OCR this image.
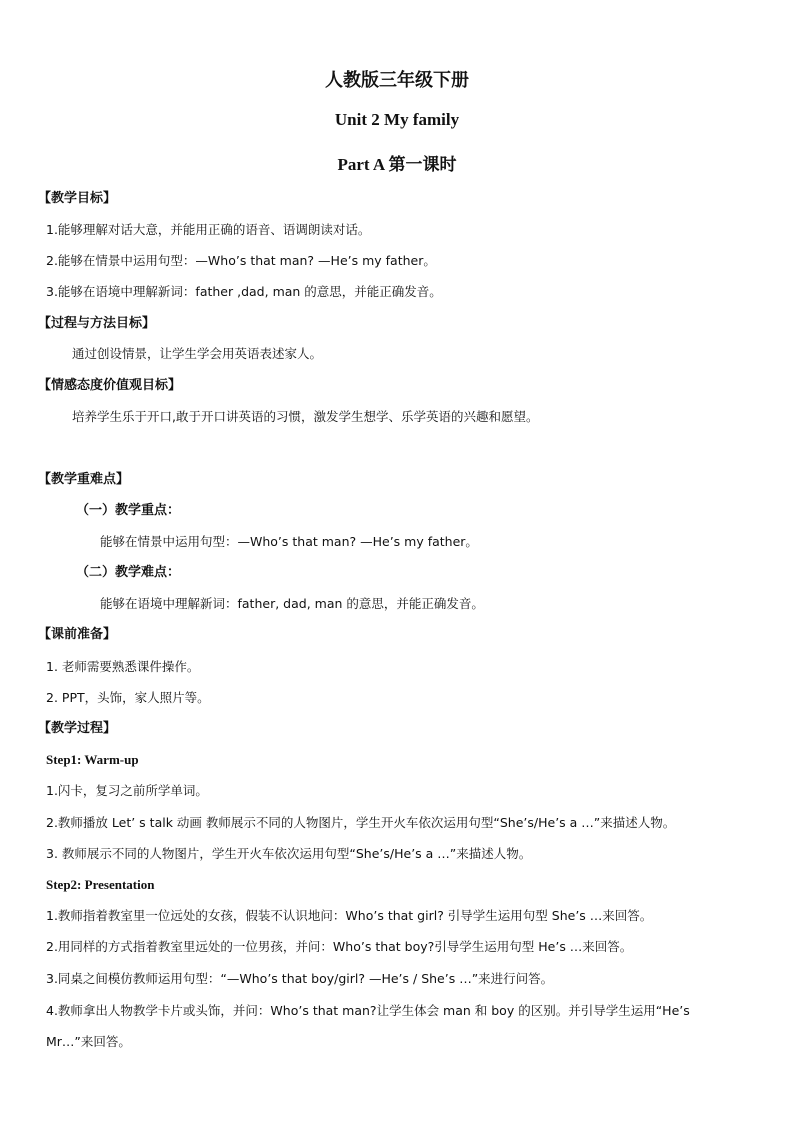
人教版三年级下册
Unit 2 My family
Part A 第一课时
【教学目标】
1.能够理解对话大意，并能用正确的语音、语调朗读对话。
2.能够在情景中运用句型：—Who’s that man? —He’s my father。
3.能够在语境中理解新词：father ,dad, man 的意思，并能正确发音。
【过程与方法目标】
通过创设情景，让学生学会用英语表述家人。
【情感态度价值观目标】
培养学生乐于开口,敢于开口讲英语的习惯，激发学生想学、乐学英语的兴趣和愿望。
【教学重难点】
（一）教学重点：
能够在情景中运用句型：—Who’s that man? —He’s my father。
（二）教学难点：
能够在语境中理解新词：father, dad, man 的意思，并能正确发音。
【课前准备】
1. 老师需要熟悉课件操作。
2. PPT，头饰，家人照片等。
【教学过程】
Step1: Warm-up
1.闪卡，复习之前所学单词。
2.教师播放 Let’ s talk 动画 教师展示不同的人物图片，学生开火车依次运用句型“She’s/He’s a …”来描述人物。
3. 教师展示不同的人物图片，学生开火车依次运用句型“She’s/He’s a …”来描述人物。
Step2: Presentation
1.教师指着教室里一位远处的女孩，假装不认识地问：Who’s that girl? 引导学生运用句型 She’s …来回答。
2.用同样的方式指着教室里远处的一位男孩，并问：Who’s that boy?引导学生运用句型 He’s …来回答。
3.同桌之间模仿教师运用句型：“—Who’s that boy/girl? —He’s / She’s …”来进行问答。
4.教师拿出人物教学卡片或头饰，并问：Who’s that man?让学生体会 man 和 boy 的区别。并引导学生运用“He’s
Mr…”来回答。
